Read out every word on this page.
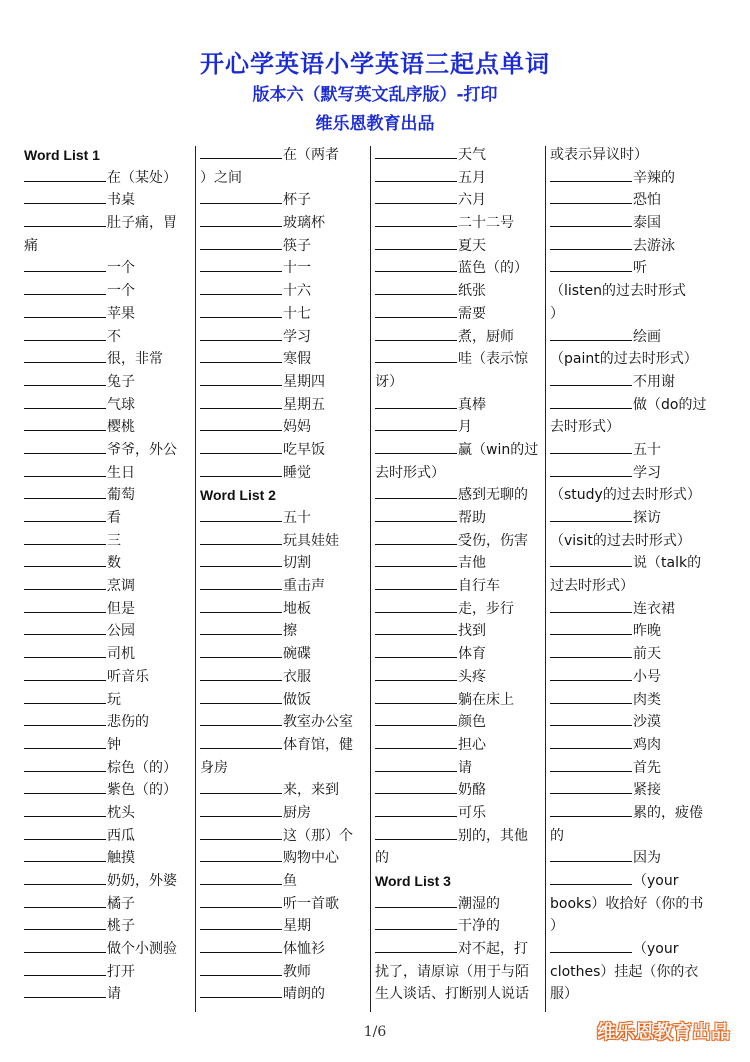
开心学英语小学英语三起点单词
版本六（默写英文乱序版）-打印
维乐恩教育出品
Word List 1
在（某处）
书桌
肚子痛，胃
痛
一个
一个
苹果
不
很，非常
兔子
气球
樱桃
爷爷，外公
生日
葡萄
看
三
数
烹调
但是
公园
司机
听音乐
玩
悲伤的
钟
棕色（的）
紫色（的）
枕头
西瓜
触摸
奶奶，外婆
橘子
桃子
做个小测验
打开
请
在（两者
）之间
杯子
玻璃杯
筷子
十一
十六
十七
学习
寒假
星期四
星期五
妈妈
吃早饭
睡觉
Word List 2
五十
玩具娃娃
切割
重击声
地板
擦
碗碟
衣服
做饭
教室办公室
体育馆，健
身房
来，来到
厨房
这（那）个
购物中心
鱼
听一首歌
星期
体恤衫
教师
晴朗的
天气
五月
六月
二十二号
夏天
蓝色（的）
纸张
需要
煮，厨师
哇（表示惊
讶）
真棒
月
赢（win的过
去时形式）
感到无聊的
帮助
受伤，伤害
吉他
自行车
走，步行
找到
体育
头疼
躺在床上
颜色
担心
请
奶酪
可乐
别的，其他
的
Word List 3
潮湿的
干净的
对不起，打
扰了，请原谅（用于与陌
生人谈话、打断别人说话
或表示异议时）
辛辣的
恐怕
泰国
去游泳
听
（listen的过去时形式
）
绘画
（paint的过去时形式）
不用谢
做（do的过
去时形式）
五十
学习
（study的过去时形式）
探访
（visit的过去时形式）
说（talk的
过去时形式）
连衣裙
昨晚
前天
小号
肉类
沙漠
鸡肉
首先
紧接
累的，疲倦
的
因为
（your
books）收拾好（你的书
）
（your
clothes）挂起（你的衣
服）
1/6	维乐恩教育出品
